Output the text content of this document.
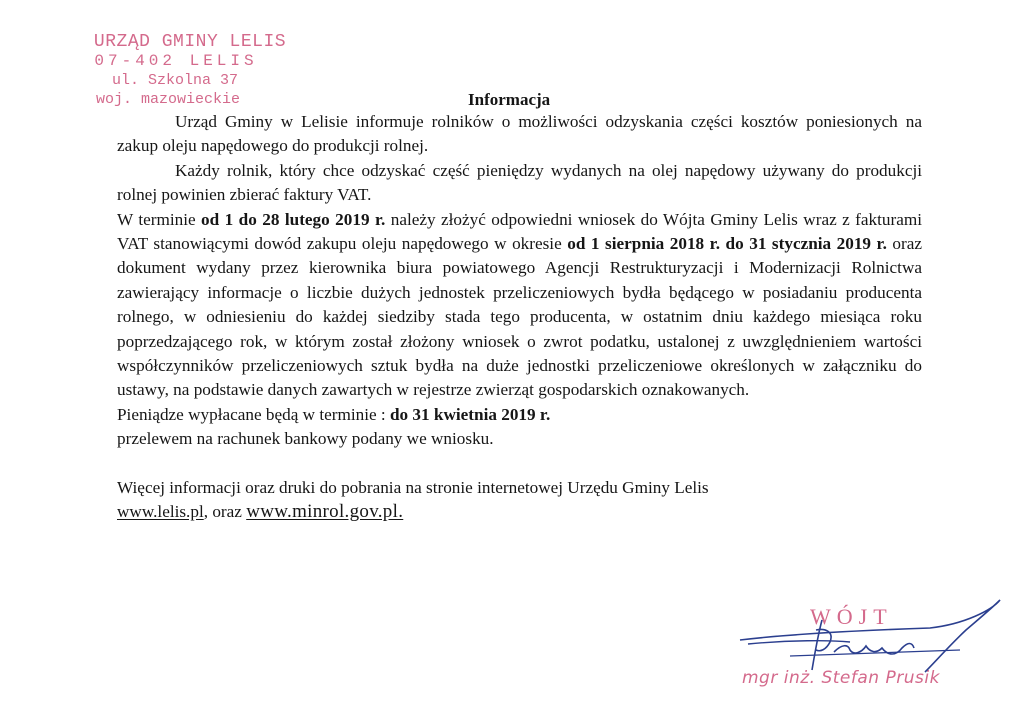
URZĄD GMINY LELIS
07-402 LELIS
ul. Szkolna 37
woj. mazowieckie	Informacja

Urząd Gminy w Lelisie informuje rolników o możliwości odzyskania części kosztów poniesionych na zakup oleju napędowego do produkcji rolnej.

Każdy rolnik, który chce odzyskać część pieniędzy wydanych na olej napędowy używany do produkcji rolnej powinien zbierać faktury VAT.

W terminie od 1 do 28 lutego 2019 r. należy złożyć odpowiedni wniosek do Wójta Gminy Lelis wraz z fakturami VAT stanowiącymi dowód zakupu oleju napędowego w okresie od 1 sierpnia 2018 r. do 31 stycznia 2019 r. oraz dokument wydany przez kierownika biura powiatowego Agencji Restrukturyzacji i Modernizacji Rolnictwa zawierający informacje o liczbie dużych jednostek przeliczeniowych bydła będącego w posiadaniu producenta rolnego, w odniesieniu do każdej siedziby stada tego producenta, w ostatnim dniu każdego miesiąca roku poprzedzającego rok, w którym został złożony wniosek o zwrot podatku, ustalonej z uwzględnieniem wartości współczynników przeliczeniowych sztuk bydła na duże jednostki przeliczeniowe określonych w załączniku do ustawy, na podstawie danych zawartych w rejestrze zwierząt gospodarskich oznakowanych.

Pieniądze wypłacane będą w terminie : do 31 kwietnia 2019 r.

przelewem na rachunek bankowy podany we wniosku.

Więcej informacji oraz druki do pobrania na stronie internetowej Urzędu Gminy Lelis

www.lelis.pl, oraz www.minrol.gov.pl.

WÓJT
mgr inż. Stefan Prusik
